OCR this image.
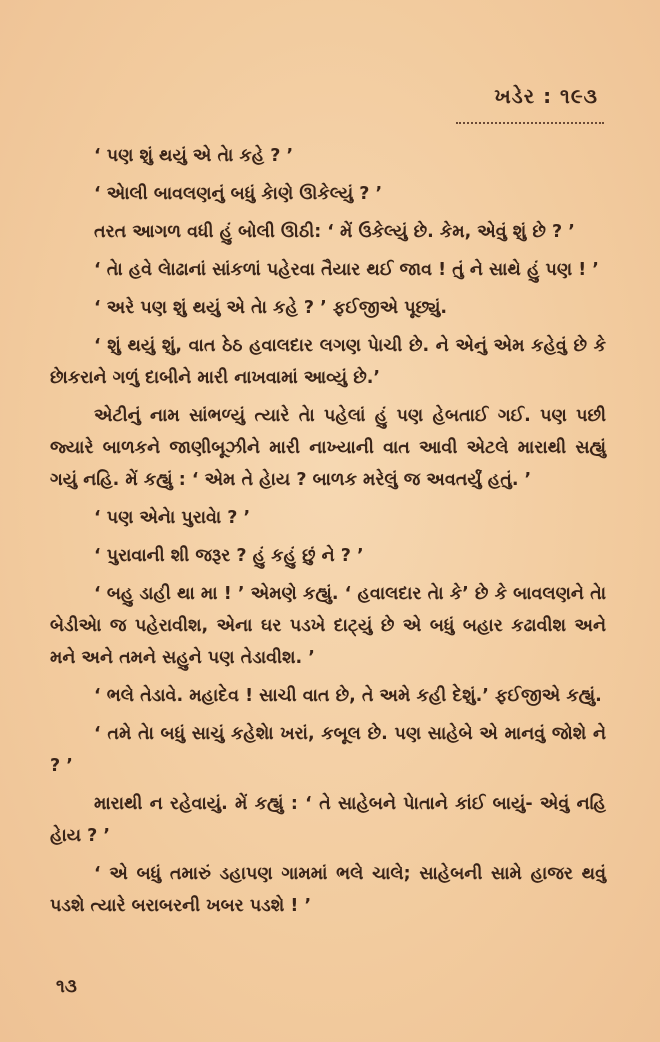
ખડેર : ૧૯૩

‘ પણ શું થયું એ તેા કહે ? ’

‘ એાલી બાવલણનું બધું કેાણે ઊકેલ્યું ? ’

તરત આગળ વધી હું બોલી ઊઠી: ‘ મેં ઉકેલ્યું છે. કેમ, એવું શું છે ? ’

‘ તેા હવે લેાઢાનાં સાંકળાં પહેરવા તૈયાર થઈ જાવ ! તું ને સાથે હું પણ ! ’

‘ અરે પણ શું થયું એ તેા કહે ? ’ ફઈજીએ પૂછ્યું.

‘ શું થયું શું, વાત ઠેઠ હવાલદાર લગણ પેાચી છે. ને એનું એમ કહેવું છે કે છેાકરાને ગળું દાબીને મારી નાખવામાં આવ્યું છે.’

એટીનું નામ સાંભળ્યું ત્યારે તેા પહેલાં હું પણ હેબતાઈ ગઈ. પણ પછી જ્યારે બાળકને જાણીબૂઝીને મારી નાખ્યાની વાત આવી એટલે મારાથી સહ્યું ગયું નહિ. મેં કહ્યું : ‘ એમ તે હેાય ? બાળક મરેલું જ અવતર્યું હતું. ’

‘ પણ એનેા પુરાવેા ? ’

‘ પુરાવાની શી જરૂર ? હું કહું છું ને ? ’

‘ બહુ ડાહી થા મા ! ’ એમણે કહ્યું. ‘ હવાલદાર તેા કે’ છે કે બાવલણને તેા બેડીએા જ પહેરાવીશ, એના ઘર પડખે દાટ્યું છે એ બધું બહાર કઢાવીશ અને મને અને તમને સહુને પણ તેડાવીશ. ’

‘ ભલે તેડાવે. મહાદેવ ! સાચી વાત છે, તે અમે કહી દેશું.’ ફઈજીએ કહ્યું.

‘ તમે તેા બધું સાચું કહેશેા ખરાં, કબૂલ છે. પણ સાહેબે એ માનવું જોશે ને ? ’

મારાથી ન રહેવાયું. મેં કહ્યું : ‘ તે સાહેબને પેાતાને કાંઈ બાયું- એવું નહિ હેાય ? ’

‘ એ બધું તમારું ડહાપણ ગામમાં ભલે ચાલે; સાહેબની સામે હાજર થવું પડશે ત્યારે બરાબરની ખબર પડશે ! ’

૧૩
